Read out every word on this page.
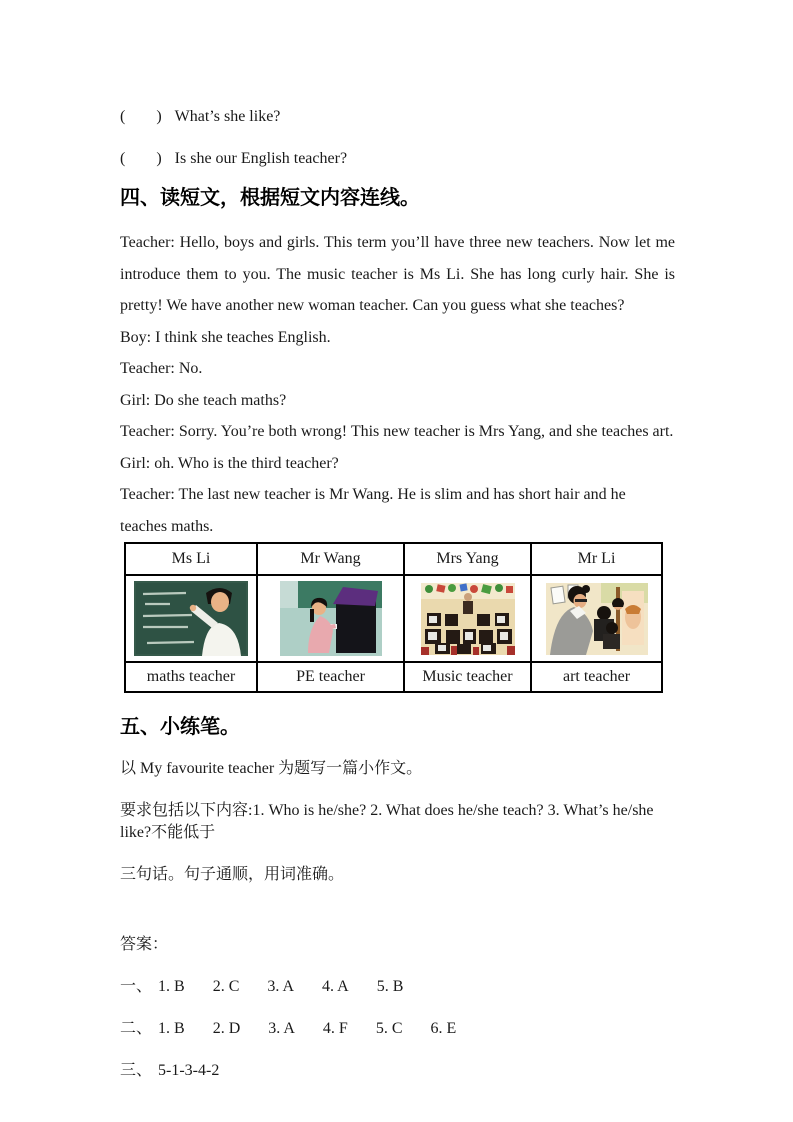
(      ) What’s she like?
(      ) Is she our English teacher?
四、读短文，根据短文内容连线。
Teacher: Hello, boys and girls. This term you’ll have three new teachers. Now let me introduce them to you. The music teacher is Ms Li. She has long curly hair. She is pretty! We have another new woman teacher. Can you guess what she teaches?
Boy: I think she teaches English.
Teacher: No.
Girl: Do she teach maths?
Teacher: Sorry. You’re both wrong! This new teacher is Mrs Yang, and she teaches art.
Girl: oh. Who is the third teacher?
Teacher: The last new teacher is Mr Wang. He is slim and has short hair and he teaches maths.
Ms Li	Mr Wang	Mrs Yang	Mr Li

maths teacher	PE teacher	Music teacher	art teacher
五、小练笔。
以 My favourite teacher 为题写一篇小作文。
要求包括以下内容:1. Who is he/she? 2. What does he/she teach? 3. What’s he/she like?不能低于
三句话。句子通顺，用词准确。
答案：
一、 1. B 2. C 3. A 4. A 5. B
二、 1. B 2. D 3. A 4. F 5. C 6. E
三、 5-1-3-4-2
